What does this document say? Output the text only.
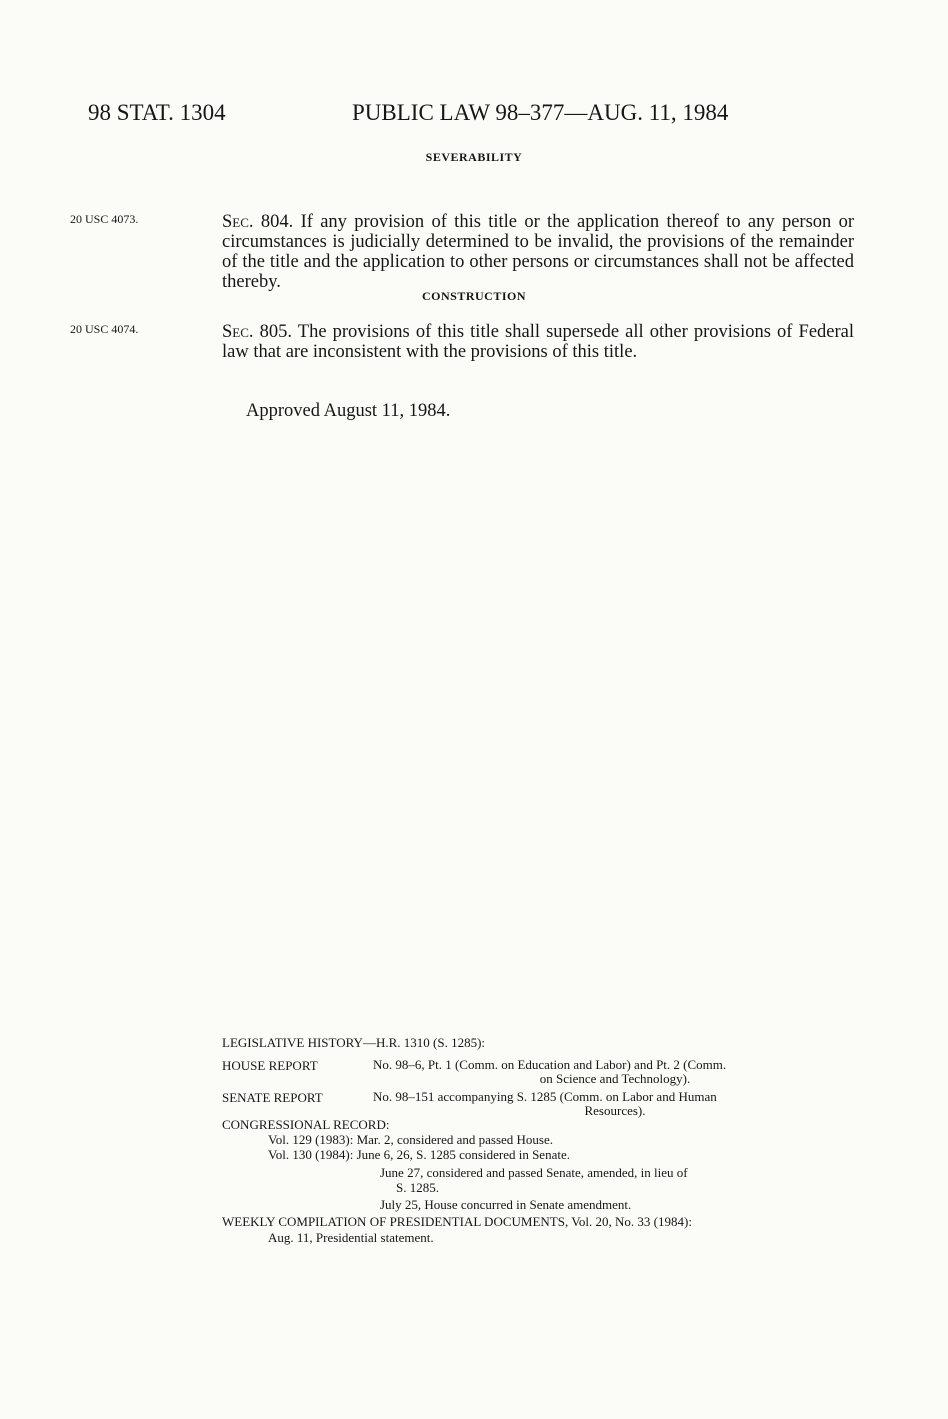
98 STAT. 1304	PUBLIC LAW 98–377—AUG. 11, 1984
SEVERABILITY
20 USC 4073.	Sec. 804. If any provision of this title or the application thereof to any person or circumstances is judicially determined to be invalid, the provisions of the remainder of the title and the application to other persons or circumstances shall not be affected thereby.
CONSTRUCTION
20 USC 4074.	Sec. 805. The provisions of this title shall supersede all other provisions of Federal law that are inconsistent with the provisions of this title.
Approved August 11, 1984.
LEGISLATIVE HISTORY—H.R. 1310 (S. 1285):
HOUSE REPORT	No. 98–6, Pt. 1 (Comm. on Education and Labor) and Pt. 2 (Comm.
on Science and Technology).
SENATE REPORT	No. 98–151 accompanying S. 1285 (Comm. on Labor and Human
Resources).
CONGRESSIONAL RECORD:
Vol. 129 (1983): Mar. 2, considered and passed House.
Vol. 130 (1984): June 6, 26, S. 1285 considered in Senate.
June 27, considered and passed Senate, amended, in lieu of
S. 1285.
July 25, House concurred in Senate amendment.
WEEKLY COMPILATION OF PRESIDENTIAL DOCUMENTS, Vol. 20, No. 33 (1984):
Aug. 11, Presidential statement.
